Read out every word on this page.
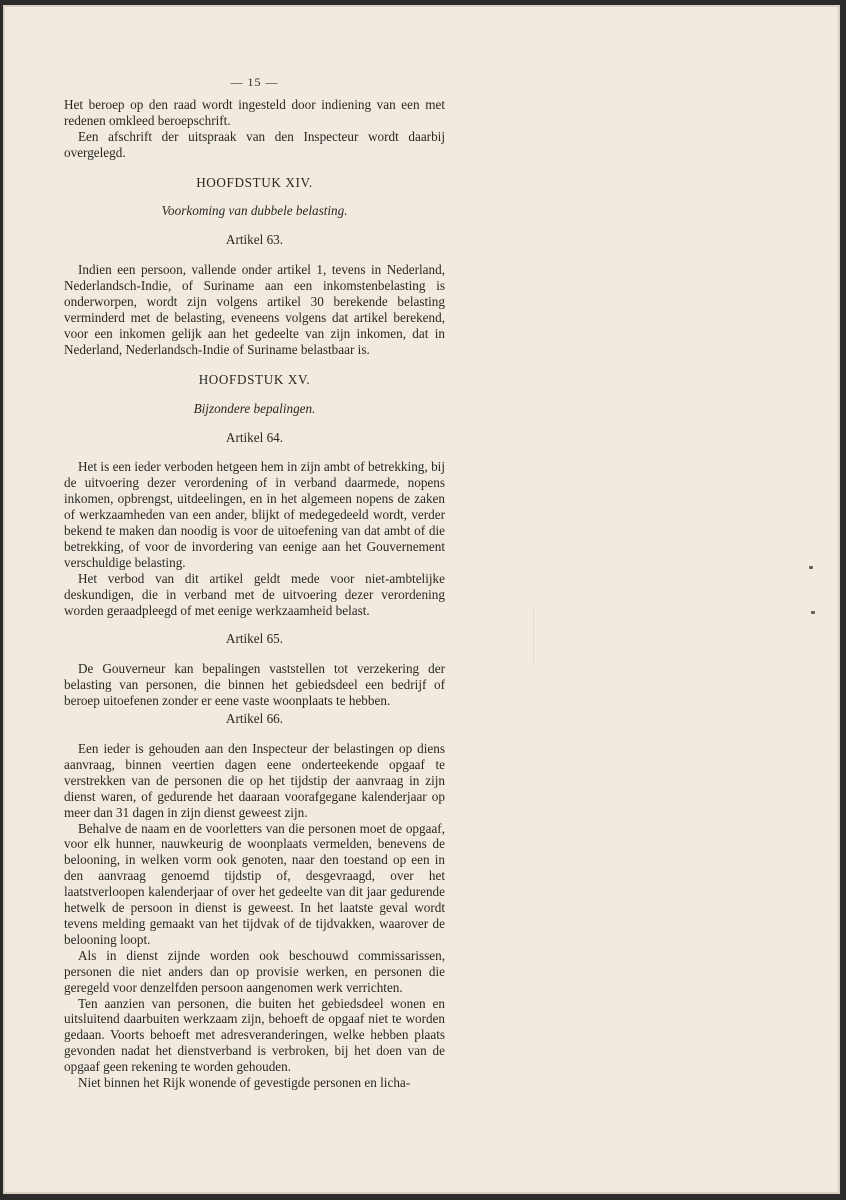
— 15 —

Het beroep op den raad wordt ingesteld door indiening van een met redenen omkleed beroepschrift.

Een afschrift der uitspraak van den Inspecteur wordt daarbij overgelegd.

HOOFDSTUK XIV.
Voorkoming van dubbele belasting.
Artikel 63.

Indien een persoon, vallende onder artikel 1, tevens in Nederland, Nederlandsch-Indie, of Suriname aan een inkomstenbelasting is onderworpen, wordt zijn volgens artikel 30 berekende belasting verminderd met de belasting, eveneens volgens dat artikel berekend, voor een inkomen gelijk aan het gedeelte van zijn inkomen, dat in Nederland, Nederlandsch-Indie of Suriname belastbaar is.

HOOFDSTUK XV.
Bijzondere bepalingen.
Artikel 64.

Het is een ieder verboden hetgeen hem in zijn ambt of betrekking, bij de uitvoering dezer verordening of in verband daarmede, nopens inkomen, opbrengst, uitdeelingen, en in het algemeen nopens de zaken of werkzaamheden van een ander, blijkt of medegedeeld wordt, verder bekend te maken dan noodig is voor de uitoefening van dat ambt of die betrekking, of voor de invordering van eenige aan het Gouvernement verschuldige belasting.

Het verbod van dit artikel geldt mede voor niet-ambtelijke deskundigen, die in verband met de uitvoering dezer verordening worden geraadpleegd of met eenige werkzaamheid belast.

Artikel 65.

De Gouverneur kan bepalingen vaststellen tot verzekering der belasting van personen, die binnen het gebiedsdeel een bedrijf of beroep uitoefenen zonder er eene vaste woonplaats te hebben.

Artikel 66.

Een ieder is gehouden aan den Inspecteur der belastingen op diens aanvraag, binnen veertien dagen eene onderteekende opgaaf te verstrekken van de personen die op het tijdstip der aanvraag in zijn dienst waren, of gedurende het daaraan voorafgegane kalenderjaar op meer dan 31 dagen in zijn dienst geweest zijn.

Behalve de naam en de voorletters van die personen moet de opgaaf, voor elk hunner, nauwkeurig de woonplaats vermelden, benevens de belooning, in welken vorm ook genoten, naar den toestand op een in den aanvraag genoemd tijdstip of, desgevraagd, over het laatstverloopen kalenderjaar of over het gedeelte van dit jaar gedurende hetwelk de persoon in dienst is geweest. In het laatste geval wordt tevens melding gemaakt van het tijdvak of de tijdvakken, waarover de belooning loopt.

Als in dienst zijnde worden ook beschouwd commissarissen, personen die niet anders dan op provisie werken, en personen die geregeld voor denzelfden persoon aangenomen werk verrichten.

Ten aanzien van personen, die buiten het gebiedsdeel wonen en uitsluitend daarbuiten werkzaam zijn, behoeft de opgaaf niet te worden gedaan. Voorts behoeft met adresveranderingen, welke hebben plaats gevonden nadat het dienstverband is verbroken, bij het doen van de opgaaf geen rekening te worden gehouden.

Niet binnen het Rijk wonende of gevestigde personen en licha-
